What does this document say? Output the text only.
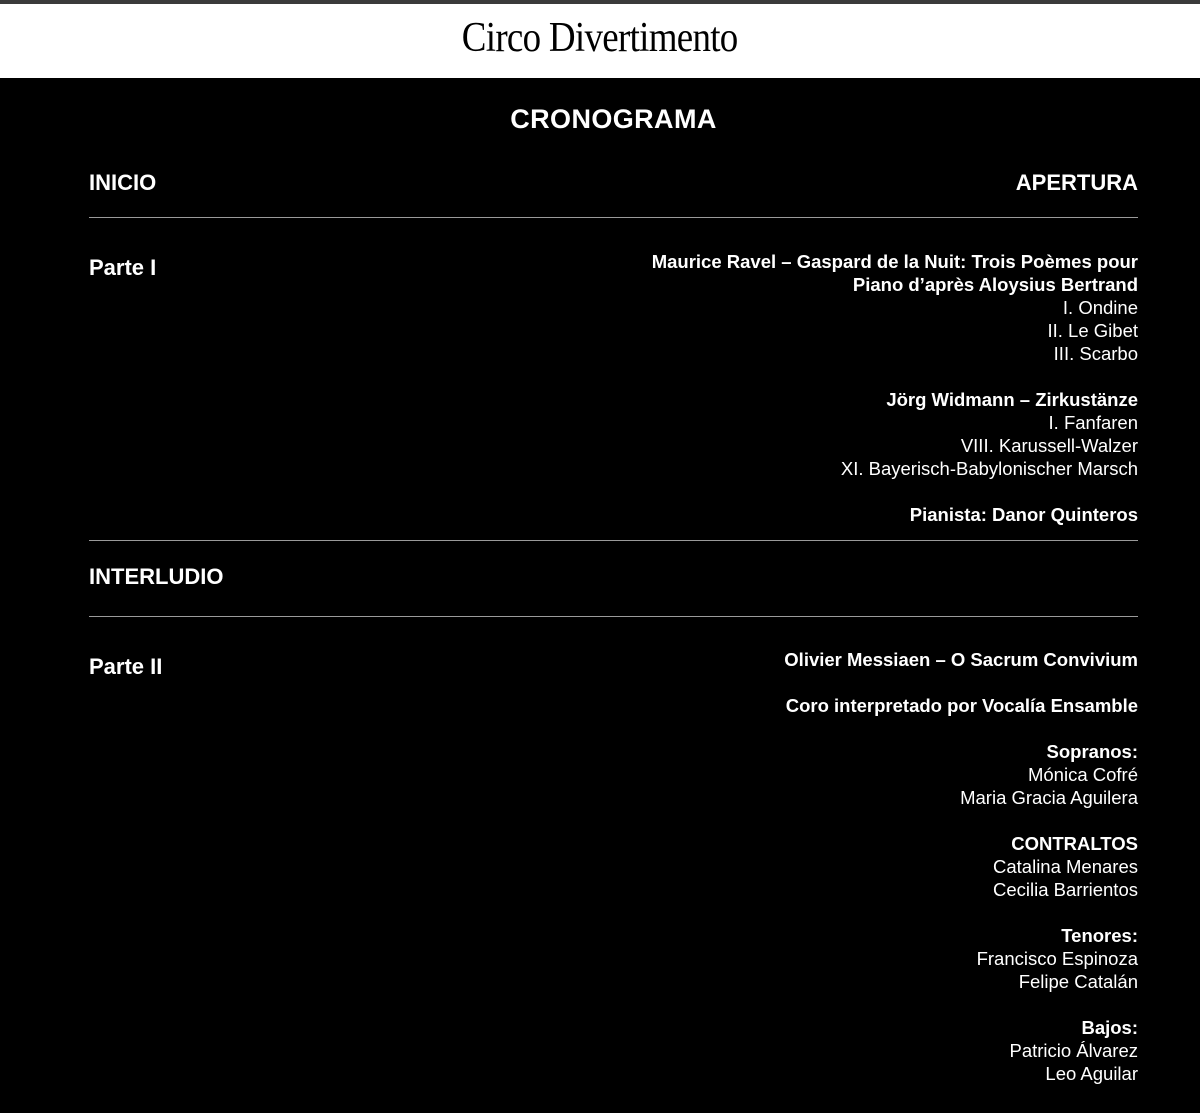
Circo Divertimento
CRONOGRAMA
INICIO	APERTURA
Parte I	Maurice Ravel – Gaspard de la Nuit: Trois Poèmes pour
Piano d’après Aloysius Bertrand
I. Ondine
II. Le Gibet
III. Scarbo
Jörg Widmann – Zirkustänze
I. Fanfaren
VIII. Karussell-Walzer
XI. Bayerisch-Babylonischer Marsch
Pianista: Danor Quinteros
INTERLUDIO
Parte II	Olivier Messiaen – O Sacrum Convivium
Coro interpretado por Vocalía Ensamble
Sopranos:
Mónica Cofré
Maria Gracia Aguilera
CONTRALTOS
Catalina Menares
Cecilia Barrientos
Tenores:
Francisco Espinoza
Felipe Catalán
Bajos:
Patricio Álvarez
Leo Aguilar
